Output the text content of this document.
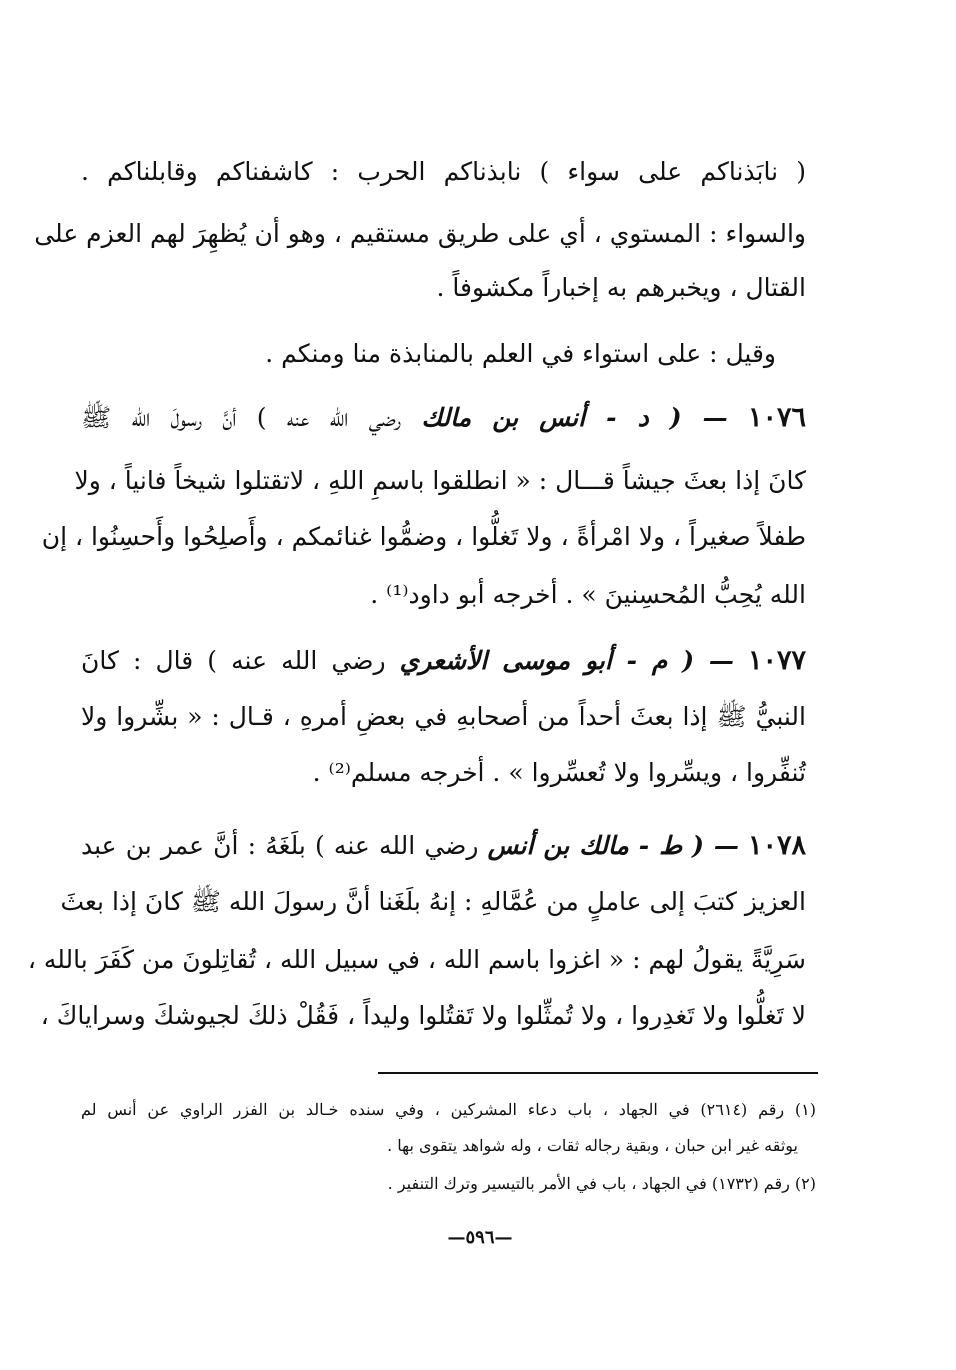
( نابَذناكم على سواء ) نابذناكم الحرب : كاشفناكم وقابلناكم .
والسواء : المستوي ، أي على طريق مستقيم ، وهو أن يُظهِرَ لهم العزم على
القتال ، ويخبرهم به إخباراً مكشوفاً .
وقيل : على استواء في العلم بالمنابذة منا ومنكم .
١٠٧٦ — ( د - أنس بن مالك رضي الله عنه ) أنَّ رسولَ الله ﷺ
كانَ إذا بعثَ جيشاً قـــال : « انطلقوا باسمِ اللهِ ، لاتقتلوا شيخاً فانياً ، ولا
طفلاً صغيراً ، ولا امْرأةً ، ولا تَغلُّوا ، وضمُّوا غنائمكم ، وأَصلِحُوا وأَحسِنُوا ، إن
الله يُحِبُّ المُحسِنينَ » . أخرجه أبو داود⁽¹⁾ .
١٠٧٧ — ( م - أبو موسى الأشعري رضي الله عنه ) قال : كانَ
النبيُّ ﷺ إذا بعثَ أحداً من أصحابهِ في بعضِ أمرهِ ، قـال : « بشِّروا ولا
تُنفِّروا ، ويسِّروا ولا تُعسِّروا » . أخرجه مسلم⁽²⁾ .
١٠٧٨ — ( ط - مالك بن أنس رضي الله عنه ) بلَغَهُ : أنَّ عمر بن عبد
العزيز كتبَ إلى عاملٍ من عُمَّالهِ : إنهُ بلَغَنا أنَّ رسولَ الله ﷺ كانَ إذا بعثَ
سَرِيَّةً يقولُ لهم : « اغزوا باسم الله ، في سبيل الله ، تُقاتِلونَ من كَفَرَ بالله ،
لا تَغلُّوا ولا تَغدِروا ، ولا تُمثِّلوا ولا تَقتُلوا وليداً ، فَقُلْ ذلكَ لجيوشكَ وسراياكَ ،
(١) رقم (٢٦١٤) في الجهاد ، باب دعاء المشركين ، وفي سنده خـالد بن الفزر الراوي عن أنس لم
يوثقه غير ابن حبان ، وبقية رجاله ثقات ، وله شواهد يتقوى بها .
(٢) رقم (١٧٣٢) في الجهاد ، باب في الأمر بالتيسير وترك التنفير .
—٥٩٦—
